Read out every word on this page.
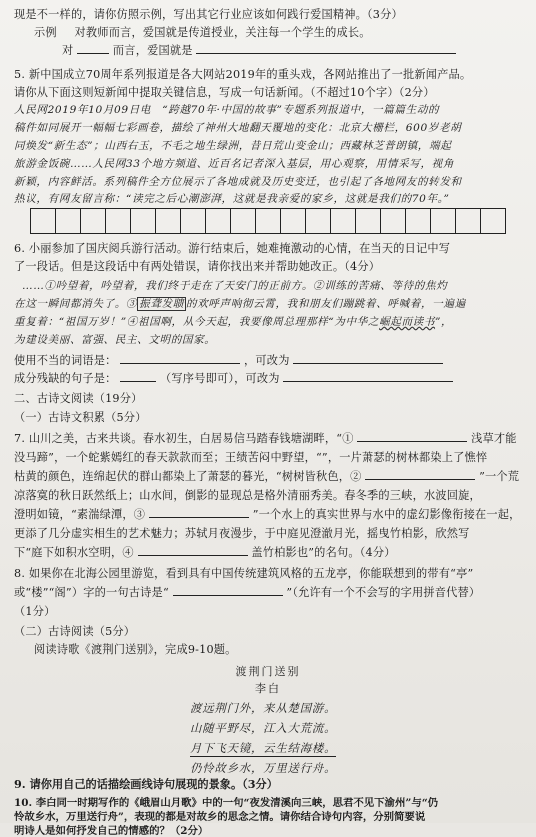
现是不一样的，请你仿照示例，写出其它行业应该如何践行爱国精神。（3分）
示例 对教师而言，爱国就是传道授业，关注每一个学生的成长。
对	而言，爱国就是
5. 新中国成立70周年系列报道是各大网站2019年的重头戏，各网站推出了一批新闻产品。
请你从下面这则短新闻中提取关键信息，写成一句话新闻。（不超过10个字）（2分）
人民网2019年10月09日电　“跨越70年·中国的故事”专题系列报道中，一篇篇生动的
稿件如同展开一幅幅七彩画卷，描绘了神州大地翻天覆地的变化：北京大栅栏，600岁老胡
同焕发“新生态”；山西右玉，不毛之地生绿洲，昔日荒山变金山；西藏林芝普朗镇，端起
旅游金饭碗……人民网33个地方频道、近百名记者深入基层，用心观察，用情采写，视角
新颖，内容鲜活。系列稿件全方位展示了各地成就及历史变迁，也引起了各地网友的转发和
热议，有网友留言称：“读完之后心潮澎湃，这就是我亲爱的家乡，这就是我们的70年。”
6. 小丽参加了国庆阅兵游行活动。游行结束后，她难掩激动的心情，在当天的日记中写
了一段话。但是这段话中有两处错误，请你找出来并帮助她改正。（4分）
……①吟望着，吟望着，我们终于走在了天安门的正前方。②训练的苦痛、等待的焦灼
在这一瞬间都消失了。③ 振聋发聩 的欢呼声响彻云霄，我和朋友们蹦跳着、呼喊着，一遍遍
重复着：“祖国万岁！”④祖国啊，从今天起，我要像周总理那样“为中华之崛起而读书”，
为建设美丽、富强、民主、文明的国家。
使用不当的词语是：	，可改为
成分残缺的句子是：	（写序号即可），可改为
二、古诗文阅读（19分）
（一）古诗文积累（5分）
7. 山川之美，古来共谈。春水初生，白居易信马踏春钱塘湖畔，“①	浅草才能
没马蹄”，一个蛇紫嫣红的春天款款而至；王绩苦闷中野望，“”，一片萧瑟的树林都染上了憔悴
枯黄的颜色，连绵起伏的群山都染上了萧瑟的暮光，“树树皆秋色，②	”一个荒
凉落寞的秋日跃然纸上；山水间，倒影的显现总是格外清丽秀美。春冬季的三峡，水波回旋，
澄明如镜，“素湍绿潭，③	”一个水上的真实世界与水中的虚幻影像衔接在一起，
更添了几分虚实相生的艺术魅力；苏轼月夜漫步，于中庭见澄澈月光，摇曳竹柏影，欣然写
下“庭下如积水空明，④	盖竹柏影也”的名句。（4分）
8. 如果你在北海公园里游览，看到具有中国传统建筑风格的五龙亭，你能联想到的带有“亭”
或“楼”“阁”）字的一句古诗是“	”（允许有一个不会写的字用拼音代替）
（1分）
（二）古诗阅读（5分）
阅读诗歌《渡荆门送别》，完成9-10题。
渡荆门送别
李白
渡远荆门外，来从楚国游。
山随平野尽，江入大荒流。
月下飞天镜，云生结海楼。
仍怜故乡水，万里送行舟。
9. 请你用自己的话描绘画线诗句展现的景象。（3分）
10. 李白同一时期写作的《峨眉山月歌》中的一句“夜发清溪向三峡，思君不见下渝州”与“仍
怜故乡水，万里送行舟”，表现的都是对故乡的思念之情。请你结合诗句内容，分别简要说
明诗人是如何抒发自己的情感的？（2分）
